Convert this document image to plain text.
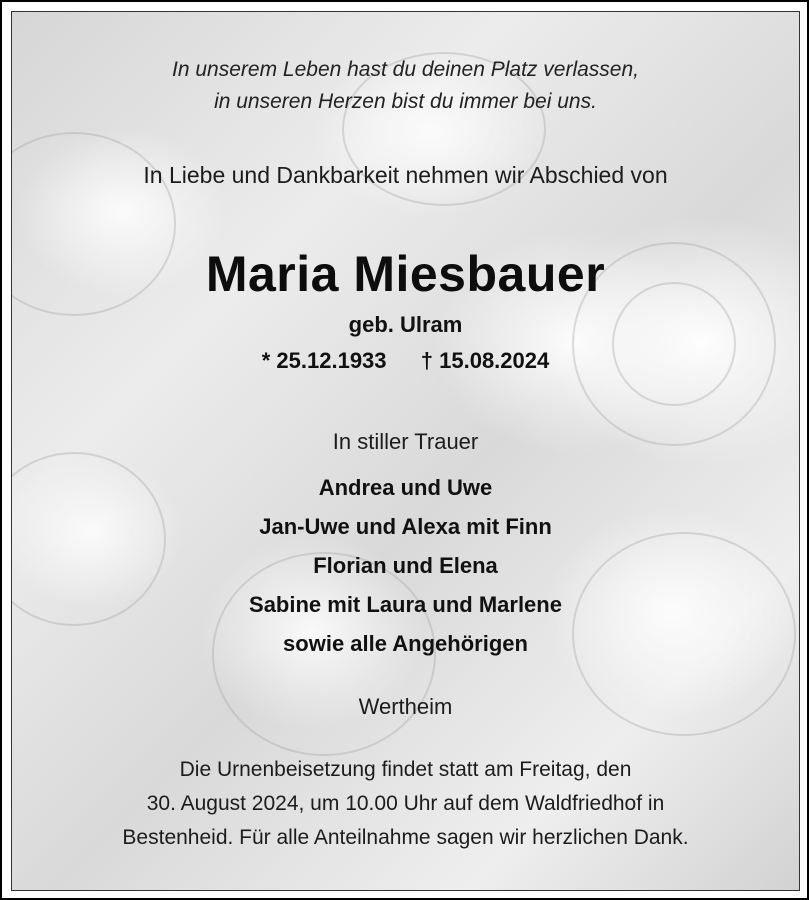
In unserem Leben hast du deinen Platz verlassen,
in unseren Herzen bist du immer bei uns.
In Liebe und Dankbarkeit nehmen wir Abschied von
Maria Miesbauer
geb. Ulram
* 25.12.1933 † 15.08.2024
In stiller Trauer
Andrea und Uwe
Jan-Uwe und Alexa mit Finn
Florian und Elena
Sabine mit Laura und Marlene
sowie alle Angehörigen
Wertheim
Die Urnenbeisetzung findet statt am Freitag, den
30. August 2024, um 10.00 Uhr auf dem Waldfriedhof in
Bestenheid. Für alle Anteilnahme sagen wir herzlichen Dank.
